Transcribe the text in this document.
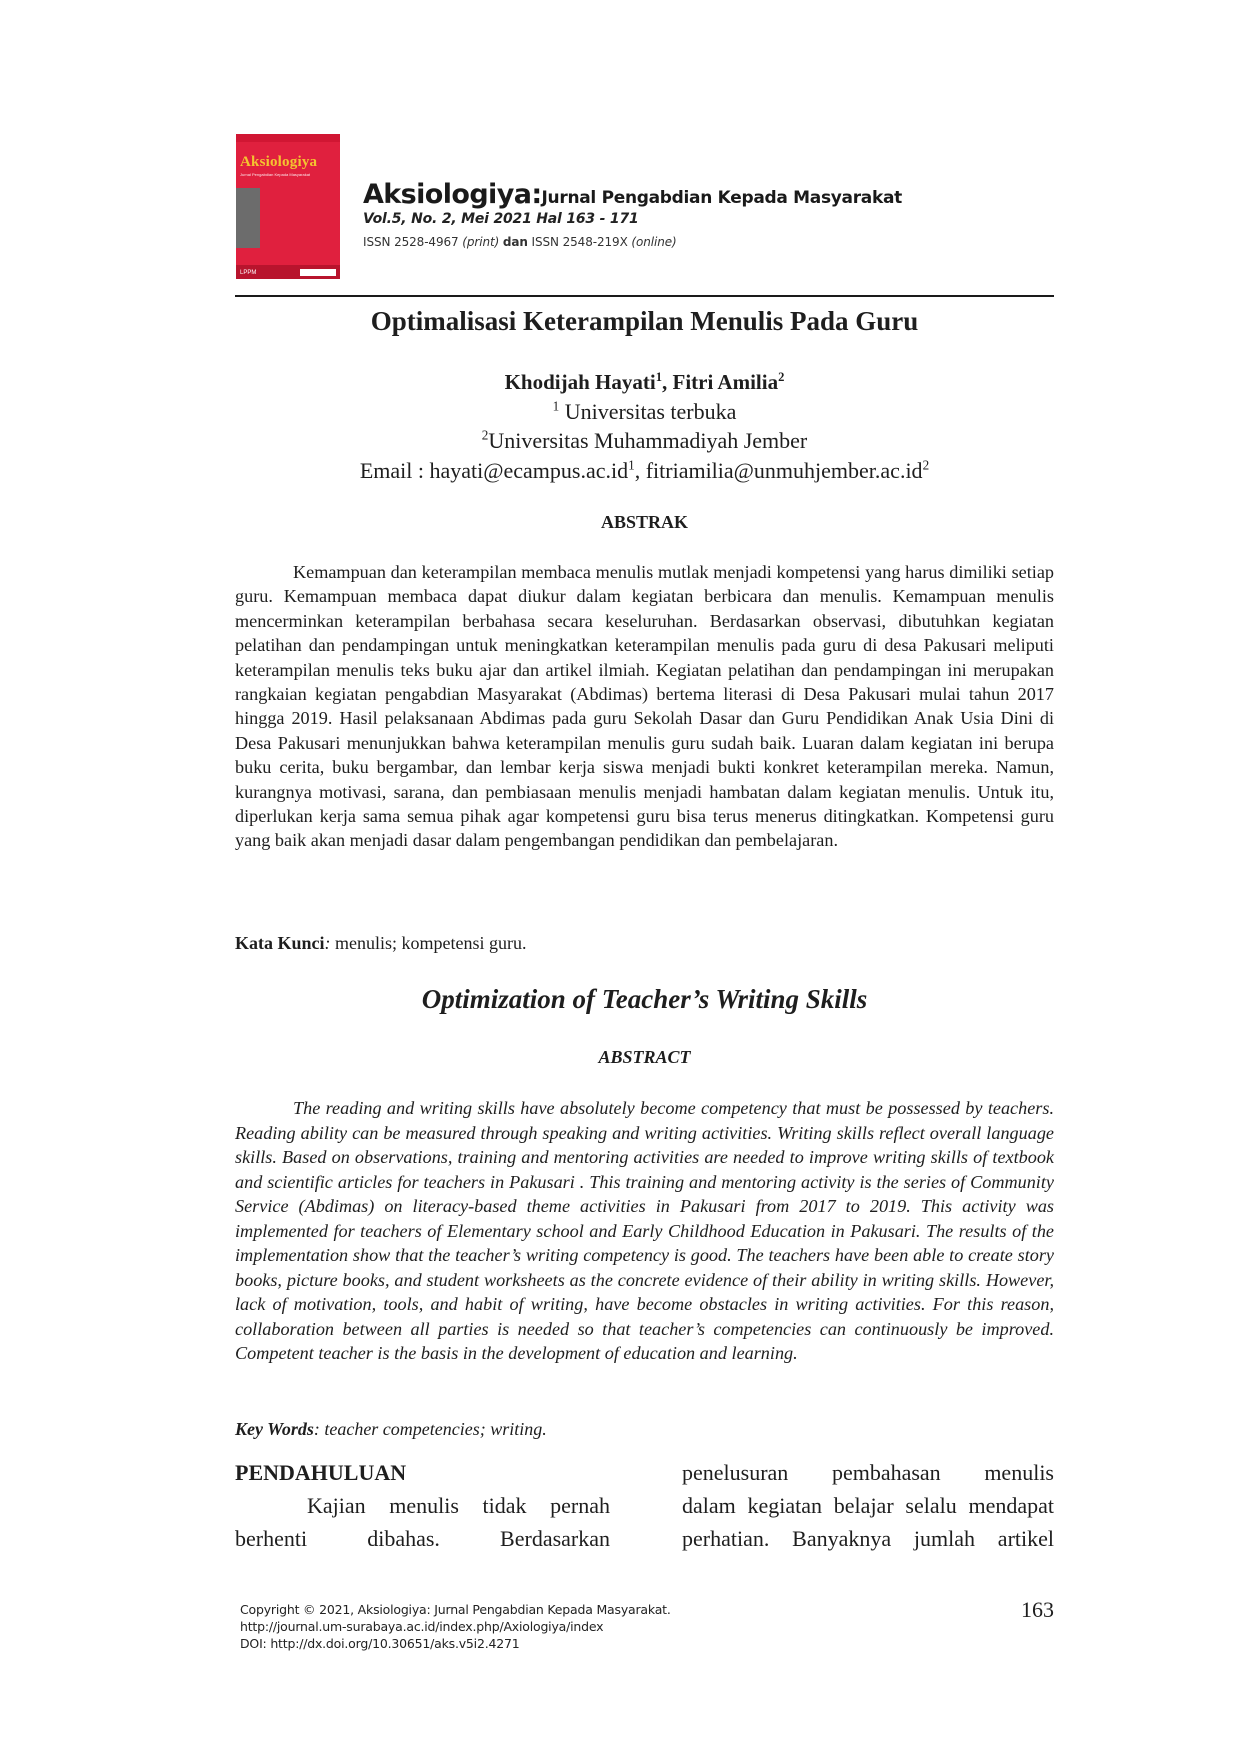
Aksiologiya
Jurnal Pengabdian Kepada Masyarakat
LPPM
Aksiologiya:Jurnal Pengabdian Kepada Masyarakat
Vol.5, No. 2, Mei 2021 Hal 163 - 171
ISSN 2528-4967 (print) dan ISSN 2548-219X (online)
Optimalisasi Keterampilan Menulis Pada Guru
Khodijah Hayati$^1$, Fitri Amilia$^2$
$^1$ Universitas terbuka
$^2$Universitas Muhammadiyah Jember
Email : $hayati@ecampus.ac.id^1$, $fitriamilia@unmuhjember.ac.id^2$
ABSTRAK
Kemampuan dan keterampilan membaca menulis mutlak menjadi kompetensi yang harus dimiliki setiap guru. Kemampuan membaca dapat diukur dalam kegiatan berbicara dan menulis. Kemampuan menulis mencerminkan keterampilan berbahasa secara keseluruhan. Berdasarkan observasi, dibutuhkan kegiatan pelatihan dan pendampingan untuk meningkatkan keterampilan menulis pada guru di desa Pakusari meliputi keterampilan menulis teks buku ajar dan artikel ilmiah. Kegiatan pelatihan dan pendampingan ini merupakan rangkaian kegiatan pengabdian Masyarakat (Abdimas) bertema literasi di Desa Pakusari mulai tahun 2017 hingga 2019. Hasil pelaksanaan Abdimas pada guru Sekolah Dasar dan Guru Pendidikan Anak Usia Dini di Desa Pakusari menunjukkan bahwa keterampilan menulis guru sudah baik. Luaran dalam kegiatan ini berupa buku cerita, buku bergambar, dan lembar kerja siswa menjadi bukti konkret keterampilan mereka. Namun, kurangnya motivasi, sarana, dan pembiasaan menulis menjadi hambatan dalam kegiatan menulis. Untuk itu, diperlukan kerja sama semua pihak agar kompetensi guru bisa terus menerus ditingkatkan. Kompetensi guru yang baik akan menjadi dasar dalam pengembangan pendidikan dan pembelajaran.
Kata Kunci: menulis; kompetensi guru.
Optimization of Teacher’s Writing Skills
ABSTRACT
The reading and writing skills have absolutely become competency that must be possessed by teachers. Reading ability can be measured through speaking and writing activities. Writing skills reflect overall language skills. Based on observations, training and mentoring activities are needed to improve writing skills of textbook and scientific articles for teachers in Pakusari . This training and mentoring activity is the series of Community Service (Abdimas) on literacy-based theme activities in Pakusari from 2017 to 2019. This activity was implemented for teachers of Elementary school and Early Childhood Education in Pakusari. The results of the implementation show that the teacher’s writing competency is good. The teachers have been able to create story books, picture books, and student worksheets as the concrete evidence of their ability in writing skills. However, lack of motivation, tools, and habit of writing, have become obstacles in writing activities. For this reason, collaboration between all parties is needed so that teacher’s competencies can continuously be improved. Competent teacher is the basis in the development of education and learning.
Key Words: teacher competencies; writing.
PENDAHULUAN
Kajian menulis tidak pernah berhenti dibahas. Berdasarkan
penelusuran pembahasan menulis
dalam kegiatan belajar selalu mendapat
perhatian. Banyaknya jumlah artikel
Copyright © 2021, Aksiologiya: Jurnal Pengabdian Kepada Masyarakat.
http://journal.um-surabaya.ac.id/index.php/Axiologiya/index
DOI: http://dx.doi.org/10.30651/aks.v5i2.4271
163
